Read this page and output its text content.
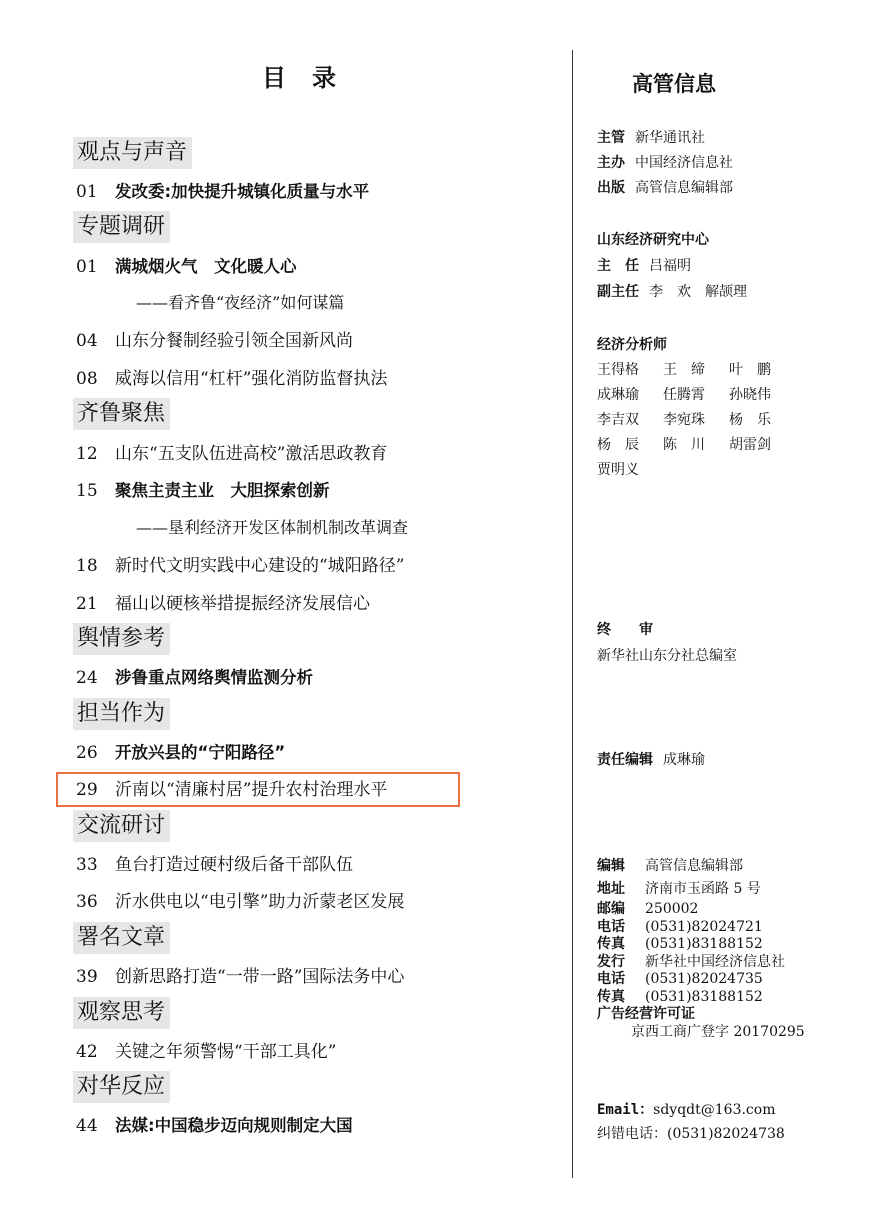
目录
观点与声音
01 发改委:加快提升城镇化质量与水平
专题调研
01 满城烟火气　文化暖人心
——看齐鲁“夜经济”如何谋篇
04 山东分餐制经验引领全国新风尚
08 威海以信用“杠杆”强化消防监督执法
齐鲁聚焦
12 山东“五支队伍进高校”激活思政教育
15 聚焦主责主业　大胆探索创新
——垦利经济开发区体制机制改革调查
18 新时代文明实践中心建设的“城阳路径”
21 福山以硬核举措提振经济发展信心
舆情参考
24 涉鲁重点网络舆情监测分析
担当作为
26 开放兴县的“宁阳路径”
29 沂南以“清廉村居”提升农村治理水平
交流研讨
33 鱼台打造过硬村级后备干部队伍
36 沂水供电以“电引擎”助力沂蒙老区发展
署名文章
39 创新思路打造“一带一路”国际法务中心
观察思考
42 关键之年须警惕“干部工具化”
对华反应
44 法媒:中国稳步迈向规则制定大国
高管信息
主管 新华通讯社
主办 中国经济信息社
出版 高管信息编辑部
山东经济研究中心
主　任 吕福明
副主任 李　欢　解颉理
经济分析师
王得格 王　缔 叶　鹏
成琳瑜 任腾霄 孙晓伟
李吉双 李宛珠 杨　乐
杨　辰 陈　川 胡雷剑
贾明义
终　　审
新华社山东分社总编室
责任编辑 成琳瑜
编辑 高管信息编辑部
地址 济南市玉函路 5 号
邮编 250002
电话 (0531)82024721
传真 (0531)83188152
发行 新华社中国经济信息社
电话 (0531)82024735
传真 (0531)83188152
广告经营许可证
京西工商广登字 20170295
Email：sdyqdt@163.com
纠错电话：(0531)82024738
